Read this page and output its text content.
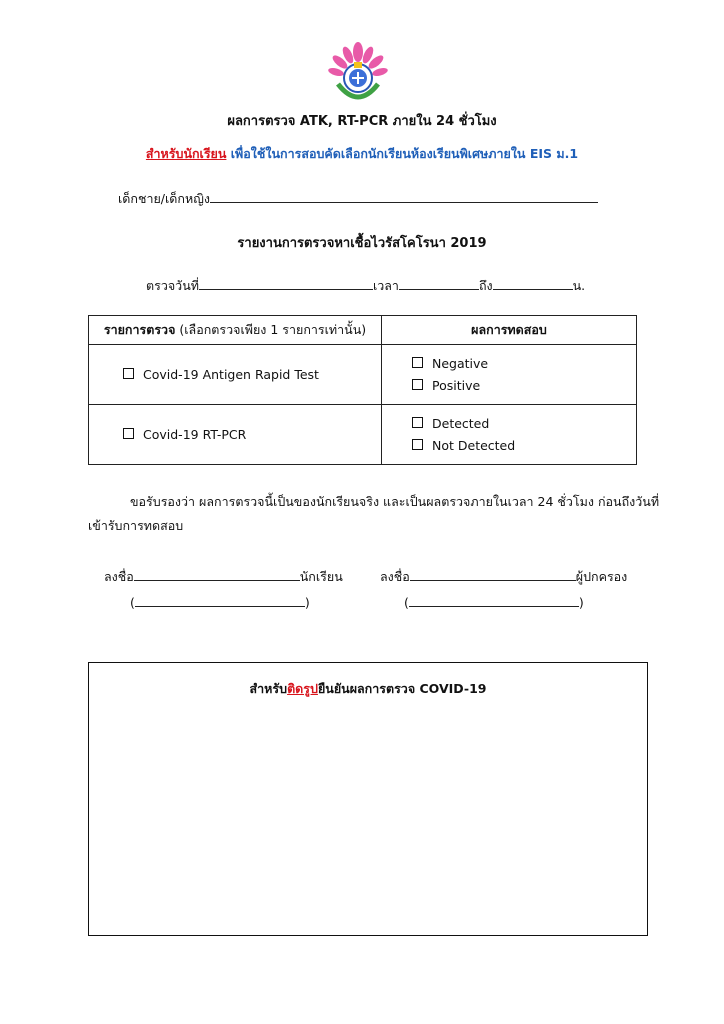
ผลการตรวจ ATK, RT-PCR ภายใน 24 ชั่วโมง
สำหรับนักเรียน เพื่อใช้ในการสอบคัดเลือกนักเรียนห้องเรียนพิเศษภายใน EIS ม.1
เด็กชาย/เด็กหญิง
รายงานการตรวจหาเชื้อไวรัสโคโรนา 2019
ตรวจวันที่	เวลา	ถึง	น.
รายการตรวจ (เลือกตรวจเพียง 1 รายการเท่านั้น)	ผลการทดสอบ
Covid-19 Antigen Rapid Test	Negative
Positive

Covid-19 RT-PCR	Detected
Not Detected
ขอรับรองว่า ผลการตรวจนี้เป็นของนักเรียนจริง และเป็นผลตรวจภายในเวลา 24 ชั่วโมง ก่อนถึงวันที่
เข้ารับการทดสอบ
ลงชื่อ	นักเรียน	ลงชื่อ	ผู้ปกครอง
(	)	(	)
สำหรับติดรูปยืนยันผลการตรวจ COVID-19
